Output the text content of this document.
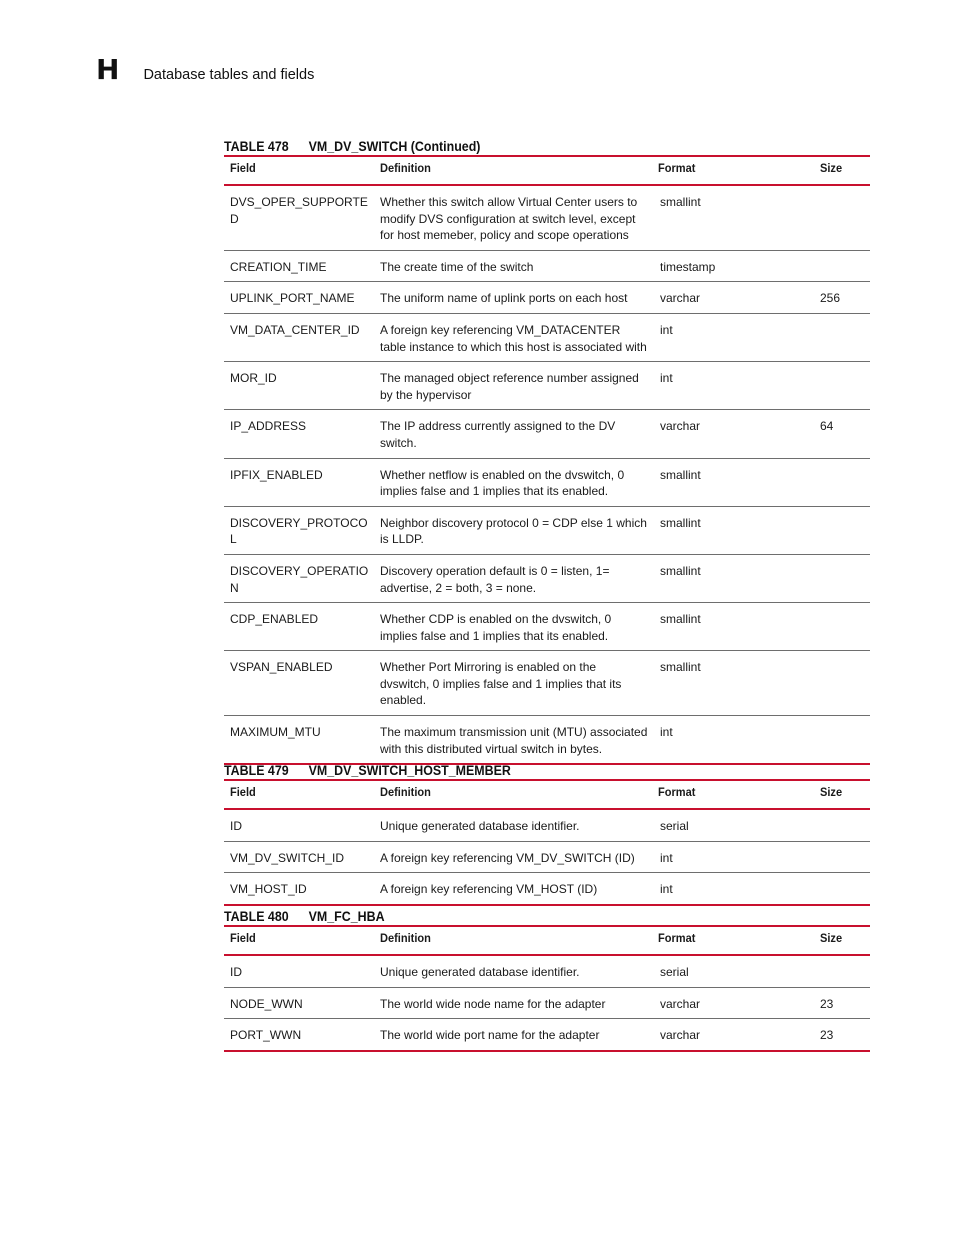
H Database tables and fields
TABLE 478	VM_DV_SWITCH (Continued)
Field	Definition	Format	Size
DVS_OPER_SUPPORTED	Whether this switch allow Virtual Center users to modify DVS configuration at switch level, except for host memeber, policy and scope operations	smallint	
CREATION_TIME	The create time of the switch	timestamp	
UPLINK_PORT_NAME	The uniform name of uplink ports on each host	varchar	256
VM_DATA_CENTER_ID	A foreign key referencing VM_DATACENTER table instance to which this host is associated with	int	
MOR_ID	The managed object reference number assigned by the hypervisor	int	
IP_ADDRESS	The IP address currently assigned to the DV switch.	varchar	64
IPFIX_ENABLED	Whether netflow is enabled on the dvswitch, 0 implies false and 1 implies that its enabled.	smallint	
DISCOVERY_PROTOCOL	Neighbor discovery protocol 0 = CDP else 1 which is LLDP.	smallint	
DISCOVERY_OPERATION	Discovery operation default is 0 = listen, 1= advertise, 2 = both, 3 = none.	smallint	
CDP_ENABLED	Whether CDP is enabled on the dvswitch, 0 implies false and 1 implies that its enabled.	smallint	
VSPAN_ENABLED	Whether Port Mirroring is enabled on the dvswitch, 0 implies false and 1 implies that its enabled.	smallint	
MAXIMUM_MTU	The maximum transmission unit (MTU) associated with this distributed virtual switch in bytes.	int	
TABLE 479	VM_DV_SWITCH_HOST_MEMBER
Field	Definition	Format	Size
ID	Unique generated database identifier.	serial	
VM_DV_SWITCH_ID	A foreign key referencing VM_DV_SWITCH (ID)	int	
VM_HOST_ID	A foreign key referencing VM_HOST (ID)	int	
TABLE 480	VM_FC_HBA
Field	Definition	Format	Size
ID	Unique generated database identifier.	serial	
NODE_WWN	The world wide node name for the adapter	varchar	23
PORT_WWN	The world wide port name for the adapter	varchar	23
